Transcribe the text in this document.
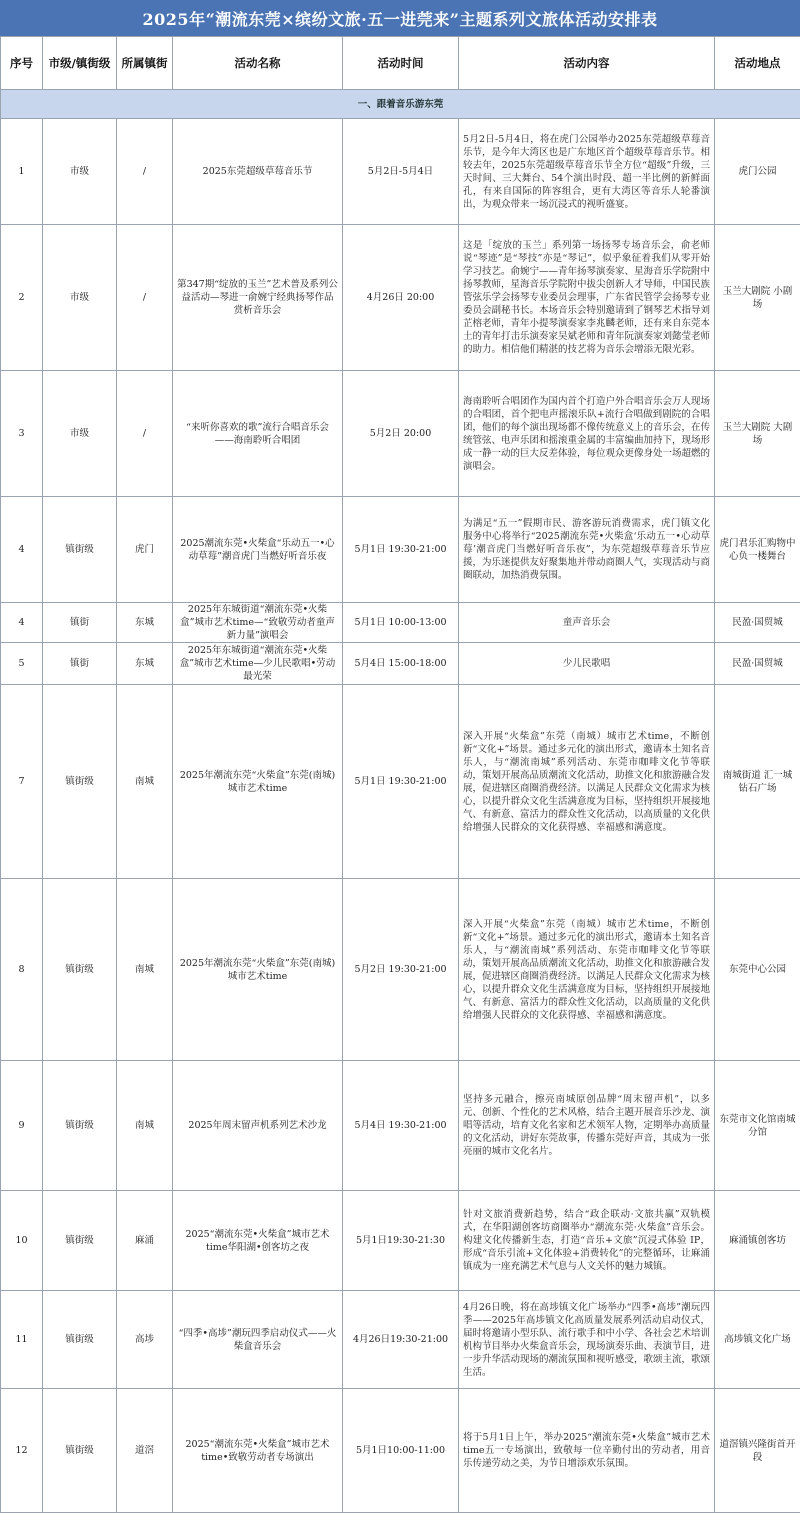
2025年“潮流东莞×缤纷文旅·五一进莞来”主题系列文旅体活动安排表
序号	市级/镇街级	所属镇街	活动名称	活动时间	活动内容	活动地点
一、跟着音乐游东莞						
1	市级	/	2025东莞超级草莓音乐节	5月2日-5月4日	5月2日-5月4日，将在虎门公园举办2025东莞超级草莓音乐节，是今年大湾区也是广东地区首个超级草莓音乐节。相较去年，2025东莞超级草莓音乐节全方位“超级”升级，三天时间、三大舞台、54个演出时段、超一半比例的新鲜面孔，有来自国际的阵容组合，更有大湾区等音乐人轮番演出，为观众带来一场沉浸式的视听盛宴。	虎门公园
2	市级	/	第347期“绽放的玉兰”艺术普及系列公益活动—琴进一俞婉宁经典扬琴作品赏析音乐会	4月26日 20:00	这是「绽放的玉兰」系列第一场扬琴专场音乐会，俞老师说“琴迹”是“琴技”亦是“琴记”，似乎象征着我们从零开始学习技艺。俞婉宁——青年扬琴演奏家、星海音乐学院附中扬琴教师，星海音乐学院附中拔尖创新人才导师，中国民族管弦乐学会扬琴专业委员会理事，广东省民管学会扬琴专业委员会副秘书长。本场音乐会特别邀请到了钢琴艺术指导刘芷榕老师，青年小提琴演奏家李兆麟老师，还有来自东莞本土的青年打击乐演奏家吴斌老师和青年阮演奏家刘懿莹老师的助力。相信他们精湛的技艺将为音乐会增添无限光彩。	玉兰大剧院 小剧场
3	市级	/	“来听你喜欢的歌”流行合唱音乐会——海南聆听合唱团	5月2日 20:00	海南聆听合唱团作为国内首个打造户外合唱音乐会万人现场的合唱团，首个把电声摇滚乐队+流行合唱做到剧院的合唱团，他们的每个演出现场都不像传统意义上的音乐会，在传统管弦、电声乐团和摇滚重金属的丰富编曲加持下，现场形成一静一动的巨大反差体验，每位观众更像身处一场超燃的演唱会。	玉兰大剧院 大剧场
4	镇街级	虎门	2025潮流东莞•火柴盒“乐动五一•心动草莓”潮音虎门当燃好听音乐夜	5月1日 19:30-21:00	为满足“五一”假期市民、游客游玩消费需求，虎门镇文化服务中心将举行“2025潮流东莞•火柴盒‘乐动五一•心动草莓’潮音虎门当燃好听音乐夜”，为东莞超级草莓音乐节应援，为乐迷提供友好聚集地并带动商圈人气，实现活动与商圈联动，加热消费氛围。	虎门君乐汇购物中心负一楼舞台
4	镇街	东城	2025年东城街道“潮流东莞•火柴盒”城市艺术time—“致敬劳动者童声新力量”演唱会	5月1日 10:00-13:00	童声音乐会	民盈·国贸城
5	镇街	东城	2025年东城街道“潮流东莞•火柴盒”城市艺术time—少儿民歌唱•劳动最光荣	5月4日 15:00-18:00	少儿民歌唱	民盈·国贸城
7	镇街级	南城	2025年潮流东莞“火柴盒”东莞(南城)城市艺术time	5月1日 19:30-21:00	深入开展“火柴盒”东莞（南城）城市艺术time，不断创新“文化+”场景。通过多元化的演出形式，邀请本土知名音乐人，与“潮流南城”系列活动、东莞市咖啡文化节等联动，策划开展高品质潮流文化活动，助推文化和旅游融合发展，促进辖区商圈消费经济。以满足人民群众文化需求为核心，以提升群众文化生活满意度为目标，坚持组织开展接地气、有新意、富活力的群众性文化活动，以高质量的文化供给增强人民群众的文化获得感、幸福感和满意度。	南城街道 汇一城钻石广场
8	镇街级	南城	2025年潮流东莞“火柴盒”东莞(南城)城市艺术time	5月2日 19:30-21:00	深入开展“火柴盒”东莞（南城）城市艺术time，不断创新“文化+”场景。通过多元化的演出形式，邀请本土知名音乐人，与“潮流南城”系列活动、东莞市咖啡文化节等联动，策划开展高品质潮流文化活动，助推文化和旅游融合发展，促进辖区商圈消费经济。以满足人民群众文化需求为核心，以提升群众文化生活满意度为目标，坚持组织开展接地气、有新意、富活力的群众性文化活动，以高质量的文化供给增强人民群众的文化获得感、幸福感和满意度。	东莞中心公园
9	镇街级	南城	2025年周末留声机系列艺术沙龙	5月4日 19:30-21:00	坚持多元融合，擦亮南城原创品牌“周末留声机”，以多元、创新、个性化的艺术风格，结合主题开展音乐沙龙、演唱等活动，培育文化名家和艺术领军人物，定期举办高质量的文化活动，讲好东莞故事，传播东莞好声音，其成为一张亮丽的城市文化名片。	东莞市文化馆南城分馆
10	镇街级	麻涌	2025“潮流东莞•火柴盒”城市艺术time华阳湖•创客坊之夜	5月1日19:30-21:30	针对文旅消费新趋势，结合“政企联动·文旅共赢”双轨模式，在华阳湖创客坊商圈举办“潮流东莞·火柴盒”音乐会。构建文化传播新生态，打造“音乐+文旅”沉浸式体验 IP，形成“音乐引流+文化体验+消费转化”的完整循环，让麻涌镇成为一座充满艺术气息与人文关怀的魅力城镇。	麻涌镇创客坊
11	镇街级	高埗	“四季•高埗”潮玩四季启动仪式——火柴盒音乐会	4月26日19:30-21:00	4月26日晚，将在高埗镇文化广场举办“四季•高埗”潮玩四季——2025年高埗镇文化高质量发展系列活动启动仪式，届时将邀请小型乐队、流行歌手和中小学、各社会艺术培训机构节目举办火柴盒音乐会，现场演奏乐曲、表演节目，进一步升华活动现场的潮流氛围和视听感受，歌颂主流，歌颂生活。	高埗镇文化广场
12	镇街级	道滘	2025“潮流东莞•火柴盒”城市艺术time•致敬劳动者专场演出	5月1日10:00-11:00	将于5月1日上午，举办2025“潮流东莞•火柴盒”城市艺术time五一专场演出，致敬每一位辛勤付出的劳动者，用音乐传递劳动之美，为节日增添欢乐氛围。	道滘镇兴隆街首开段
